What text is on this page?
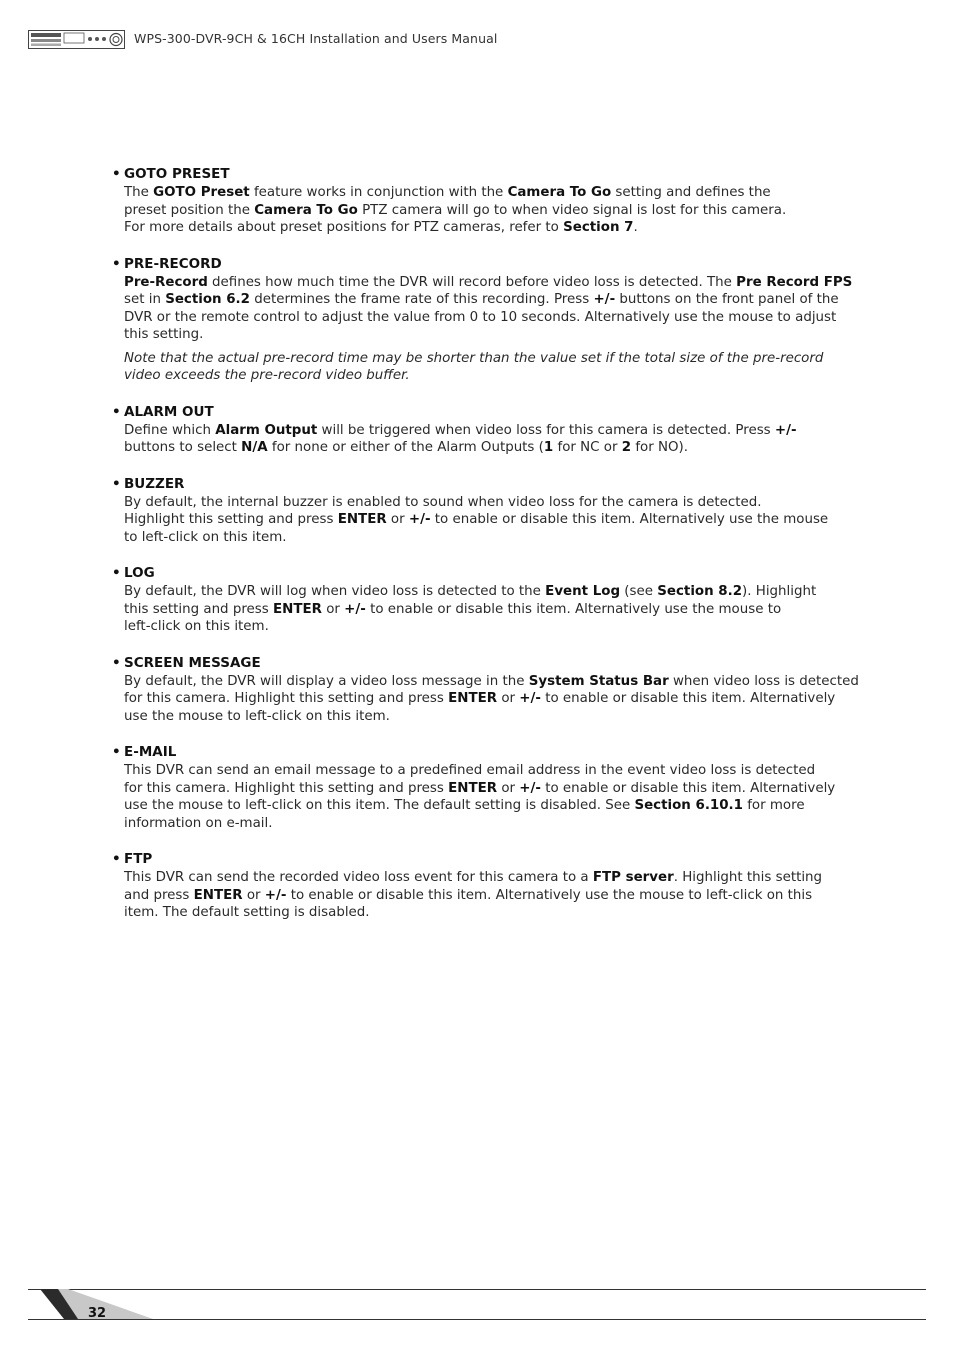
WPS-300-DVR-9CH & 16CH Installation and Users Manual
• GOTO PRESET
The GOTO Preset feature works in conjunction with the Camera To Go setting and defines the
preset position the Camera To Go PTZ camera will go to when video signal is lost for this camera.
For more details about preset positions for PTZ cameras, refer to Section 7.
• PRE-RECORD
Pre-Record defines how much time the DVR will record before video loss is detected. The Pre Record FPS
set in Section 6.2 determines the frame rate of this recording. Press +/- buttons on the front panel of the
DVR or the remote control to adjust the value from 0 to 10 seconds. Alternatively use the mouse to adjust
this setting.
Note that the actual pre-record time may be shorter than the value set if the total size of the pre-record
video exceeds the pre-record video buffer.
• ALARM OUT
Define which Alarm Output will be triggered when video loss for this camera is detected. Press +/-
buttons to select N/A for none or either of the Alarm Outputs (1 for NC or 2 for NO).
• BUZZER
By default, the internal buzzer is enabled to sound when video loss for the camera is detected.
Highlight this setting and press ENTER or +/- to enable or disable this item. Alternatively use the mouse
to left-click on this item.
• LOG
By default, the DVR will log when video loss is detected to the Event Log (see Section 8.2). Highlight
this setting and press ENTER or +/- to enable or disable this item. Alternatively use the mouse to
left-click on this item.
• SCREEN MESSAGE
By default, the DVR will display a video loss message in the System Status Bar when video loss is detected
for this camera. Highlight this setting and press ENTER or +/- to enable or disable this item. Alternatively
use the mouse to left-click on this item.
• E-MAIL
This DVR can send an email message to a predefined email address in the event video loss is detected
for this camera. Highlight this setting and press ENTER or +/- to enable or disable this item. Alternatively
use the mouse to left-click on this item. The default setting is disabled. See Section 6.10.1 for more
information on e-mail.
• FTP
This DVR can send the recorded video loss event for this camera to a FTP server. Highlight this setting
and press ENTER or +/- to enable or disable this item. Alternatively use the mouse to left-click on this
item. The default setting is disabled.
32
